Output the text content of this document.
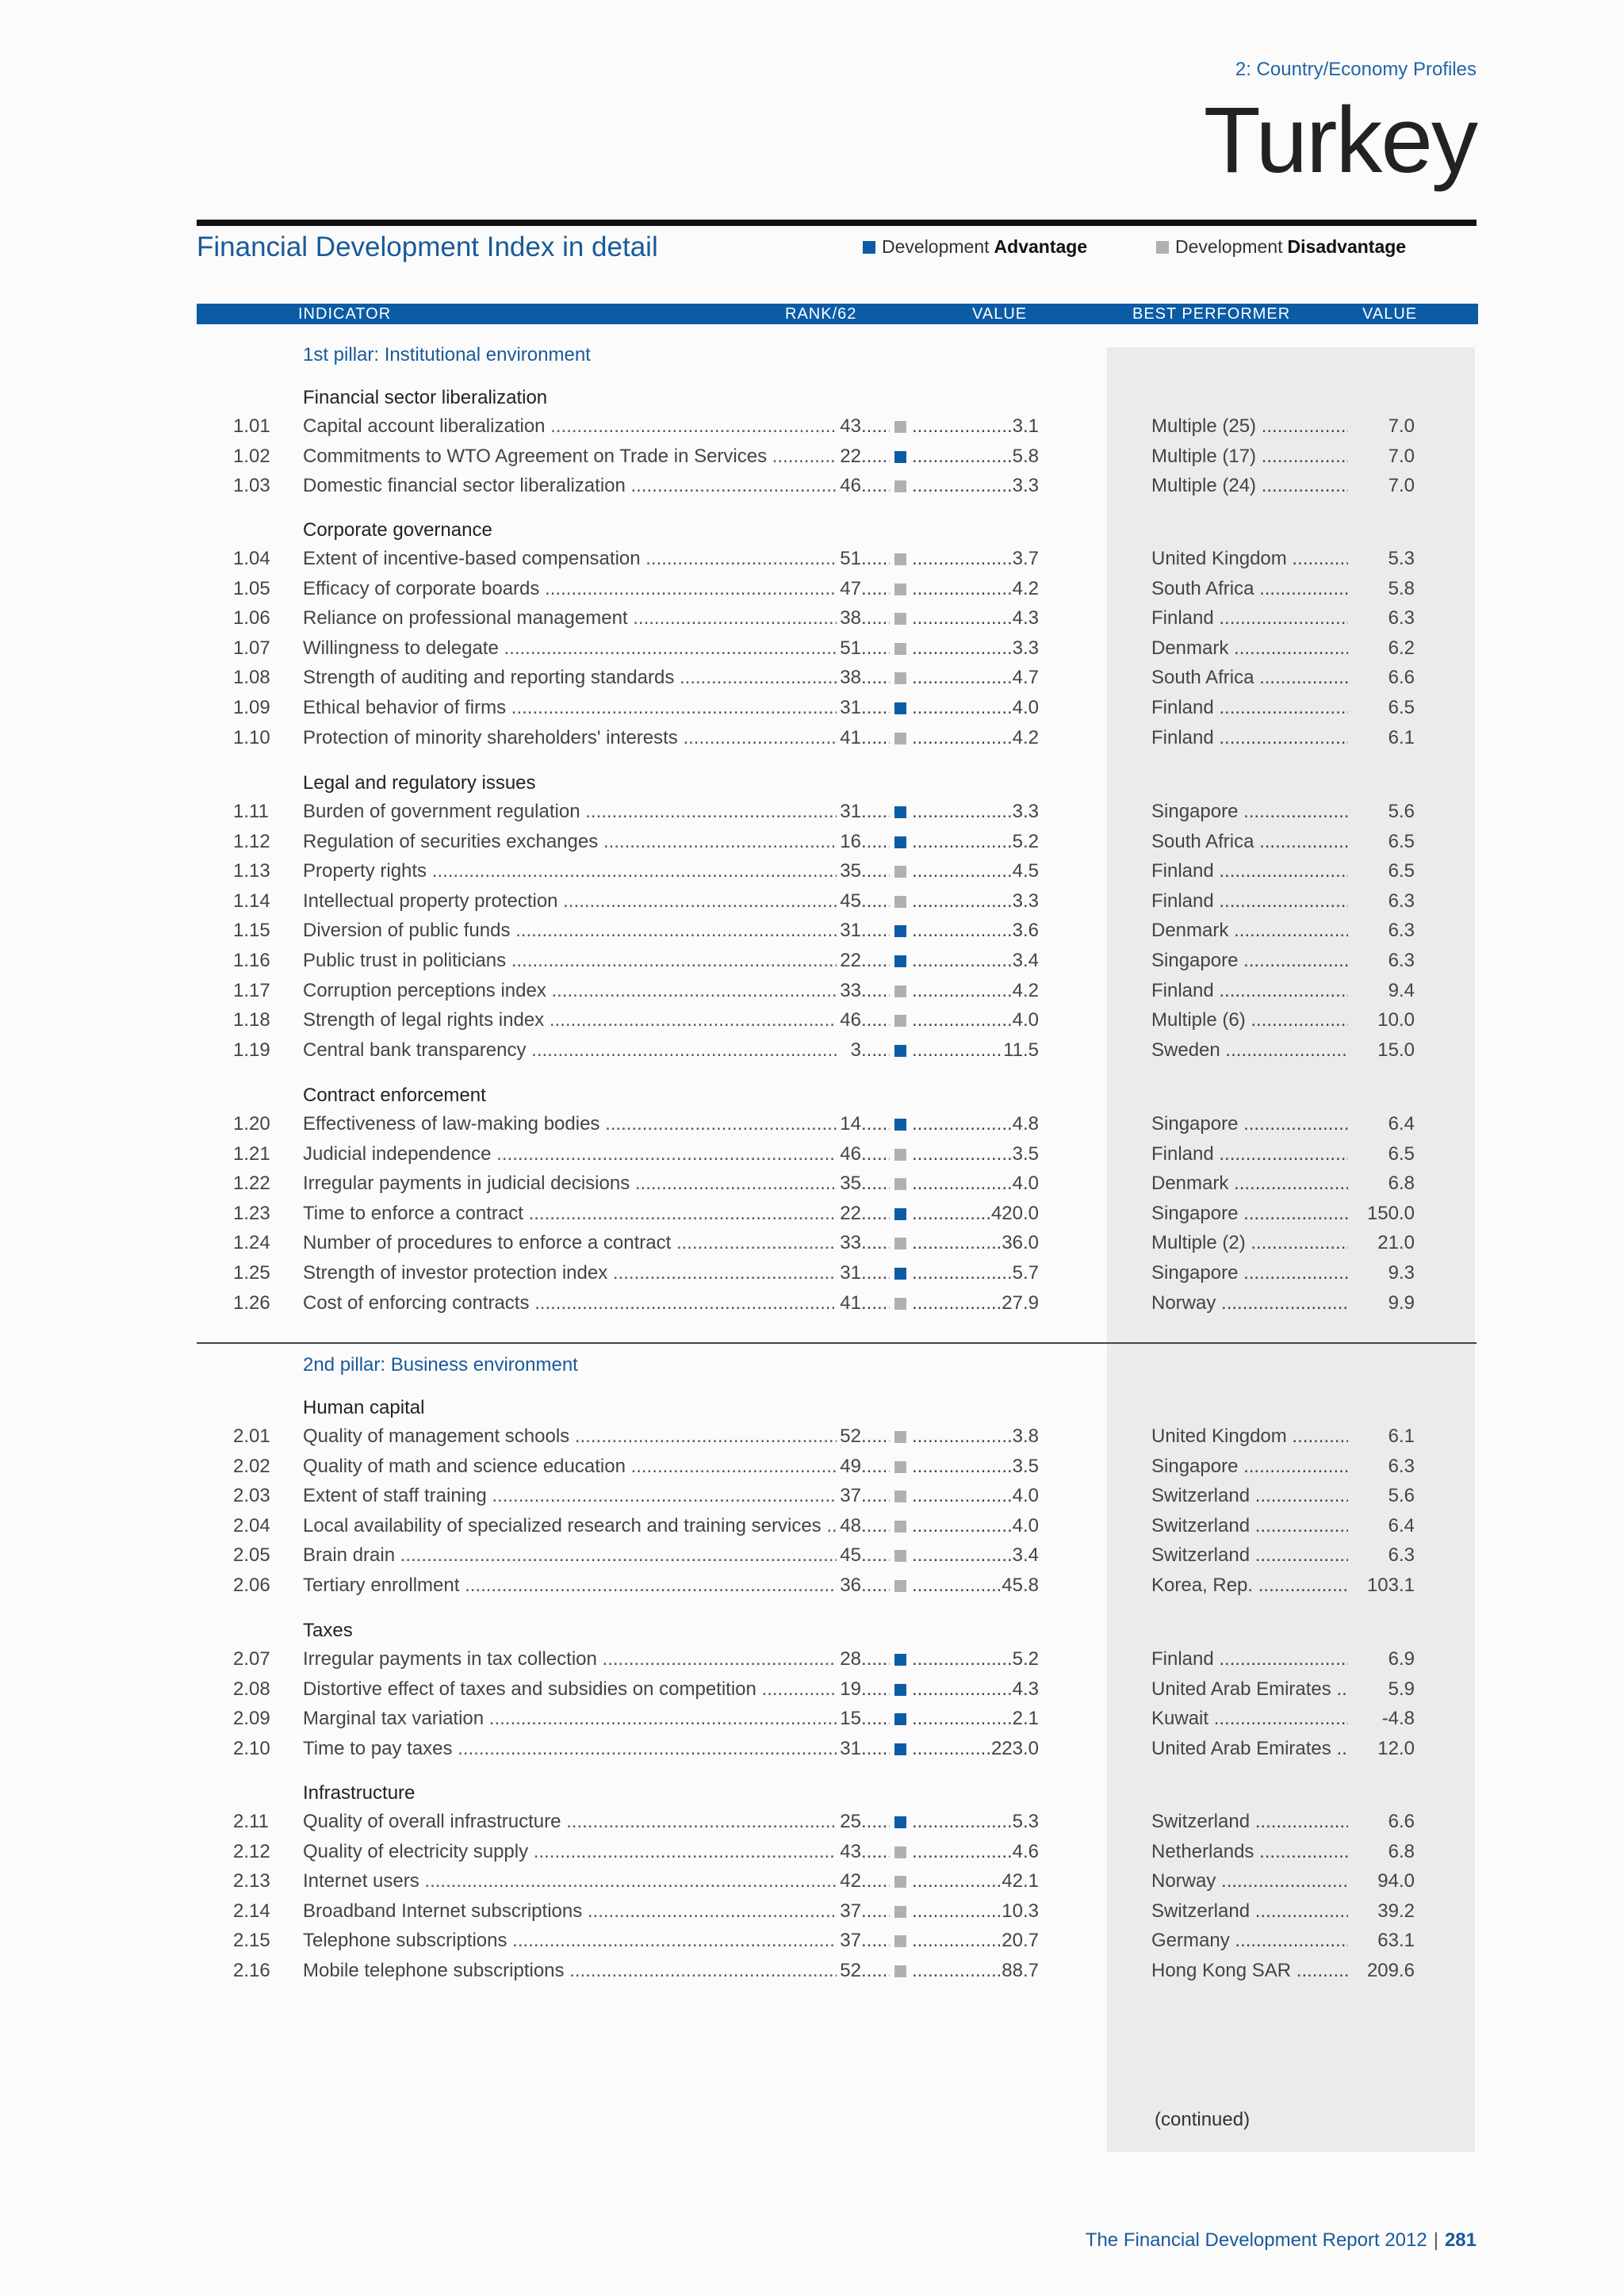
2: Country/Economy Profiles
Turkey
Financial Development Index in detail	Development Advantage	Development Disadvantage
INDICATOR	RANK/62	VALUE	BEST PERFORMER	VALUE
1st pillar: Institutional environment
2nd pillar: Business environment
Financial sector liberalization
Corporate governance
Legal and regulatory issues
Contract enforcement
Human capital
Taxes
Infrastructure
1.01 Capital account liberalization .....	43 .....	..... 3.1	Multiple (25) .....	7.0
1.02 Commitments to WTO Agreement on Trade in Services .....	22 .....	..... 5.8	Multiple (17) .....	7.0
1.03 Domestic financial sector liberalization .....	46 .....	..... 3.3	Multiple (24) .....	7.0
1.04 Extent of incentive-based compensation .....	51 .....	..... 3.7	United Kingdom .....	5.3
1.05 Efficacy of corporate boards .....	47 .....	..... 4.2	South Africa .....	5.8
1.06 Reliance on professional management .....	38 .....	..... 4.3	Finland .....	6.3
1.07 Willingness to delegate .....	51 .....	..... 3.3	Denmark .....	6.2
1.08 Strength of auditing and reporting standards .....	38 .....	..... 4.7	South Africa .....	6.6
1.09 Ethical behavior of firms .....	31 .....	..... 4.0	Finland .....	6.5
1.10 Protection of minority shareholders' interests .....	41 .....	..... 4.2	Finland .....	6.1
1.11 Burden of government regulation .....	31 .....	..... 3.3	Singapore .....	5.6
1.12 Regulation of securities exchanges .....	16 .....	..... 5.2	South Africa .....	6.5
1.13 Property rights .....	35 .....	..... 4.5	Finland .....	6.5
1.14 Intellectual property protection .....	45 .....	..... 3.3	Finland .....	6.3
1.15 Diversion of public funds .....	31 .....	..... 3.6	Denmark .....	6.3
1.16 Public trust in politicians .....	22 .....	..... 3.4	Singapore .....	6.3
1.17 Corruption perceptions index .....	33 .....	..... 4.2	Finland .....	9.4
1.18 Strength of legal rights index .....	46 .....	..... 4.0	Multiple (6) .....	10.0
1.19 Central bank transparency .....	3 .....	..... 11.5	Sweden .....	15.0
1.20 Effectiveness of law-making bodies .....	14 .....	..... 4.8	Singapore .....	6.4
1.21 Judicial independence .....	46 .....	..... 3.5	Finland .....	6.5
1.22 Irregular payments in judicial decisions .....	35 .....	..... 4.0	Denmark .....	6.8
1.23 Time to enforce a contract .....	22 .....	..... 420.0	Singapore .....	150.0
1.24 Number of procedures to enforce a contract .....	33 .....	..... 36.0	Multiple (2) .....	21.0
1.25 Strength of investor protection index .....	31 .....	..... 5.7	Singapore .....	9.3
1.26 Cost of enforcing contracts .....	41 .....	..... 27.9	Norway .....	9.9
2.01 Quality of management schools .....	52 .....	..... 3.8	United Kingdom .....	6.1
2.02 Quality of math and science education .....	49 .....	..... 3.5	Singapore .....	6.3
2.03 Extent of staff training .....	37 .....	..... 4.0	Switzerland .....	5.6
2.04 Local availability of specialized research and training services ..... 48 .....	..... 4.0	Switzerland .....	6.4
2.05 Brain drain .....	45 .....	..... 3.4	Switzerland .....	6.3
2.06 Tertiary enrollment .....	36 .....	..... 45.8	Korea, Rep. .....	103.1
2.07 Irregular payments in tax collection .....	28 .....	..... 5.2	Finland .....	6.9
2.08 Distortive effect of taxes and subsidies on competition .....	19 .....	..... 4.3	United Arab Emirates .....	5.9
2.09 Marginal tax variation .....	15 .....	..... 2.1	Kuwait .....	-4.8
2.10 Time to pay taxes .....	31 .....	..... 223.0	United Arab Emirates .....	12.0
2.11 Quality of overall infrastructure .....	25 .....	..... 5.3	Switzerland .....	6.6
2.12 Quality of electricity supply .....	43 .....	..... 4.6	Netherlands .....	6.8
2.13 Internet users .....	42 .....	..... 42.1	Norway .....	94.0
2.14 Broadband Internet subscriptions .....	37 .....	..... 10.3	Switzerland .....	39.2
2.15 Telephone subscriptions .....	37 .....	..... 20.7	Germany .....	63.1
2.16 Mobile telephone subscriptions .....	52 .....	..... 88.7	Hong Kong SAR .....	209.6
(continued)
The Financial Development Report 2012 | 281
